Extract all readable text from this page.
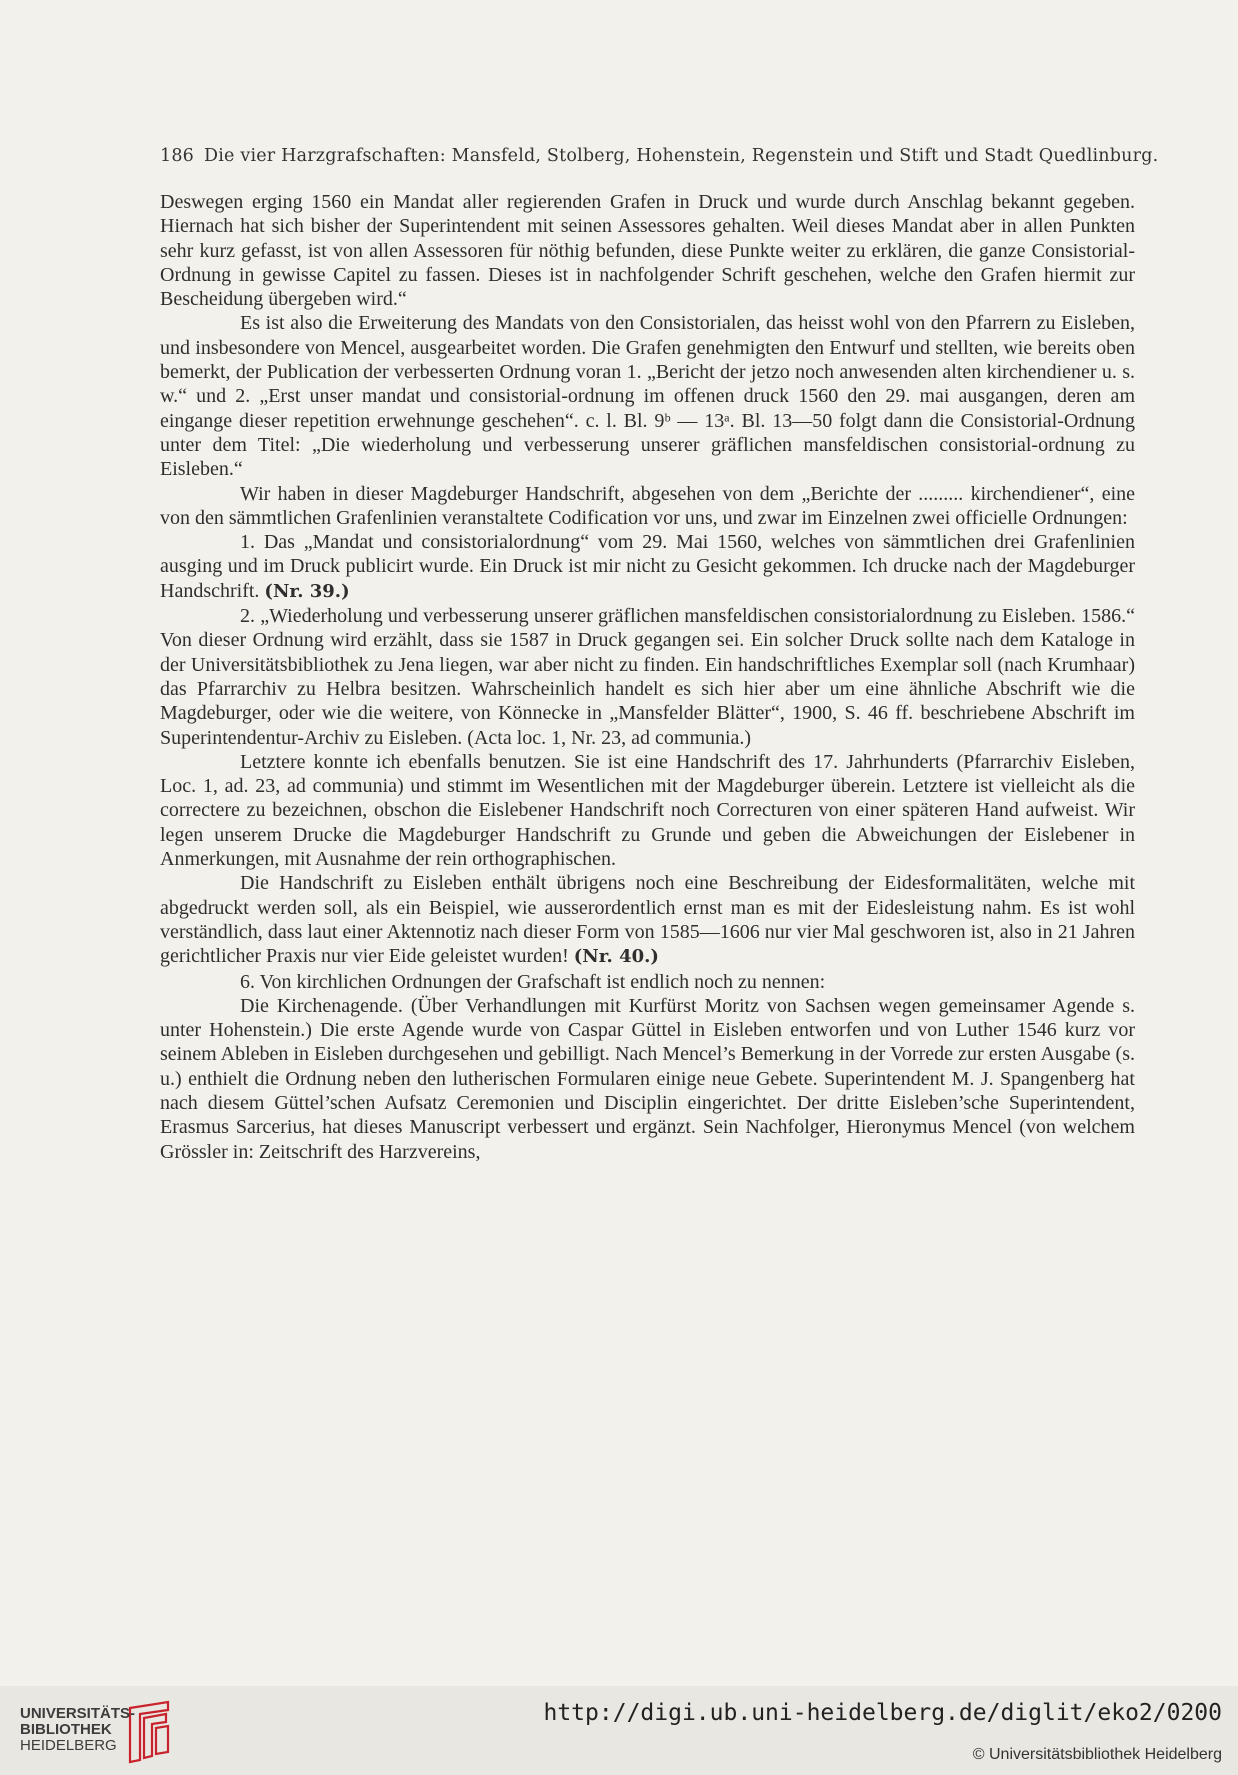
186 Die vier Harzgrafschaften: Mansfeld, Stolberg, Hohenstein, Regenstein und Stift und Stadt Quedlinburg.

Deswegen erging 1560 ein Mandat aller regierenden Grafen in Druck und wurde durch Anschlag bekannt gegeben. Hiernach hat sich bisher der Superintendent mit seinen Assessores gehalten. Weil dieses Mandat aber in allen Punkten sehr kurz gefasst, ist von allen Assessoren für nöthig befunden, diese Punkte weiter zu erklären, die ganze Consistorial-Ordnung in gewisse Capitel zu fassen. Dieses ist in nachfolgender Schrift geschehen, welche den Grafen hiermit zur Bescheidung übergeben wird.“

Es ist also die Erweiterung des Mandats von den Consistorialen, das heisst wohl von den Pfarrern zu Eisleben, und insbesondere von Mencel, ausgearbeitet worden. Die Grafen genehmigten den Entwurf und stellten, wie bereits oben bemerkt, der Publication der verbesserten Ordnung voran 1. „Bericht der jetzo noch anwesenden alten kirchendiener u. s. w.“ und 2. „Erst unser mandat und consistorial-ordnung im offenen druck 1560 den 29. mai ausgangen, deren am eingange dieser repetition erwehnunge geschehen“. c. l. Bl. 9ᵇ — 13ᵃ. Bl. 13—50 folgt dann die Consistorial-Ordnung unter dem Titel: „Die wiederholung und verbesserung unserer gräflichen mansfeldischen consistorial-ordnung zu Eisleben.“

Wir haben in dieser Magdeburger Handschrift, abgesehen von dem „Berichte der ......... kirchendiener“, eine von den sämmtlichen Grafenlinien veranstaltete Codification vor uns, und zwar im Einzelnen zwei officielle Ordnungen:

1. Das „Mandat und consistorialordnung“ vom 29. Mai 1560, welches von sämmtlichen drei Grafenlinien ausging und im Druck publicirt wurde. Ein Druck ist mir nicht zu Gesicht gekommen. Ich drucke nach der Magdeburger Handschrift. (Nr. 39.)

2. „Wiederholung und verbesserung unserer gräflichen mansfeldischen consistorialordnung zu Eisleben. 1586.“ Von dieser Ordnung wird erzählt, dass sie 1587 in Druck gegangen sei. Ein solcher Druck sollte nach dem Kataloge in der Universitätsbibliothek zu Jena liegen, war aber nicht zu finden. Ein handschriftliches Exemplar soll (nach Krumhaar) das Pfarrarchiv zu Helbra besitzen. Wahrscheinlich handelt es sich hier aber um eine ähnliche Abschrift wie die Magdeburger, oder wie die weitere, von Könnecke in „Mansfelder Blätter“, 1900, S. 46 ff. beschriebene Abschrift im Superintendentur-Archiv zu Eisleben. (Acta loc. 1, Nr. 23, ad communia.)

Letztere konnte ich ebenfalls benutzen. Sie ist eine Handschrift des 17. Jahrhunderts (Pfarrarchiv Eisleben, Loc. 1, ad. 23, ad communia) und stimmt im Wesentlichen mit der Magdeburger überein. Letztere ist vielleicht als die correctere zu bezeichnen, obschon die Eislebener Handschrift noch Correcturen von einer späteren Hand aufweist. Wir legen unserem Drucke die Magdeburger Handschrift zu Grunde und geben die Abweichungen der Eislebener in Anmerkungen, mit Ausnahme der rein orthographischen.

Die Handschrift zu Eisleben enthält übrigens noch eine Beschreibung der Eidesformalitäten, welche mit abgedruckt werden soll, als ein Beispiel, wie ausserordentlich ernst man es mit der Eidesleistung nahm. Es ist wohl verständlich, dass laut einer Aktennotiz nach dieser Form von 1585—1606 nur vier Mal geschworen ist, also in 21 Jahren gerichtlicher Praxis nur vier Eide geleistet wurden! (Nr. 40.)

6. Von kirchlichen Ordnungen der Grafschaft ist endlich noch zu nennen:

Die Kirchenagende. (Über Verhandlungen mit Kurfürst Moritz von Sachsen wegen gemeinsamer Agende s. unter Hohenstein.) Die erste Agende wurde von Caspar Güttel in Eisleben entworfen und von Luther 1546 kurz vor seinem Ableben in Eisleben durchgesehen und gebilligt. Nach Mencel’s Bemerkung in der Vorrede zur ersten Ausgabe (s. u.) enthielt die Ordnung neben den lutherischen Formularen einige neue Gebete. Superintendent M. J. Spangenberg hat nach diesem Güttel’schen Aufsatz Ceremonien und Disciplin eingerichtet. Der dritte Eisleben’sche Superintendent, Erasmus Sarcerius, hat dieses Manuscript verbessert und ergänzt. Sein Nachfolger, Hieronymus Mencel (von welchem Grössler in: Zeitschrift des Harzvereins,

UNIVERSITÄTS-
BIBLIOTHEK
HEIDELBERG
http://digi.ub.uni-heidelberg.de/diglit/eko2/0200
© Universitätsbibliothek Heidelberg
